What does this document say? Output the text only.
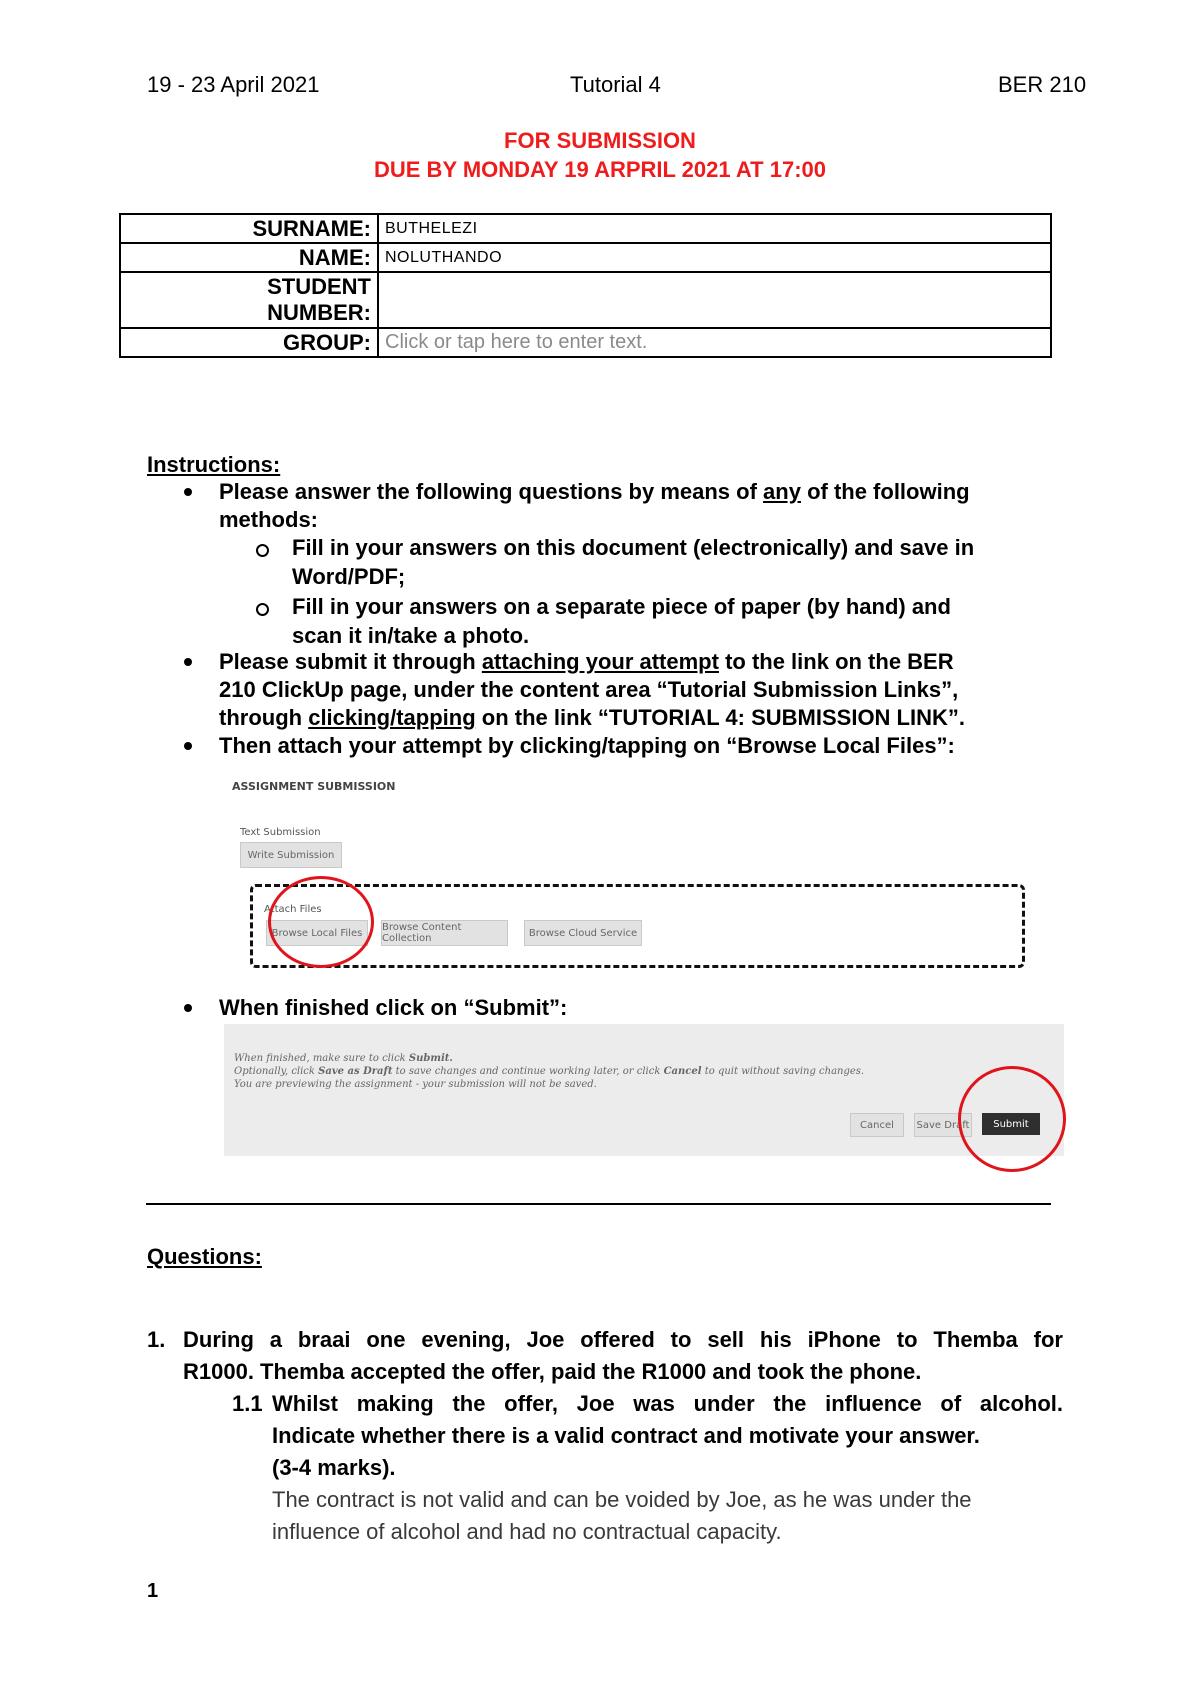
19 - 23 April 2021	Tutorial 4	BER 210
FOR SUBMISSION
DUE BY MONDAY 19 ARPRIL 2021 AT 17:00
SURNAME:	BUTHELEZI
NAME:	NOLUTHANDO

STUDENT
NUMBER:	

GROUP:	Click or tap here to enter text.
Instructions:
Please answer the following questions by means of any of the following
methods:
Fill in your answers on this document (electronically) and save in
Word/PDF;
Fill in your answers on a separate piece of paper (by hand) and
scan it in/take a photo.
Please submit it through attaching your attempt to the link on the BER
210 ClickUp page, under the content area “Tutorial Submission Links”,
through clicking/tapping on the link “TUTORIAL 4: SUBMISSION LINK”.
Then attach your attempt by clicking/tapping on “Browse Local Files”:
ASSIGNMENT SUBMISSION
Text Submission
Write Submission
Attach Files
Browse Local Files	Browse Content Collection	Browse Cloud Service
When finished click on “Submit”:
When finished, make sure to click Submit.
Optionally, click Save as Draft to save changes and continue working later, or click Cancel to quit without saving changes.
You are previewing the assignment - your submission will not be saved.
Cancel	Save Draft	Submit
Questions:
1. During a braai one evening, Joe offered to sell his iPhone to Themba for
R1000. Themba accepted the offer, paid the R1000 and took the phone.
1.1 Whilst making the offer, Joe was under the influence of alcohol.
Indicate whether there is a valid contract and motivate your answer.
(3-4 marks).
The contract is not valid and can be voided by Joe, as he was under the
influence of alcohol and had no contractual capacity.
1
